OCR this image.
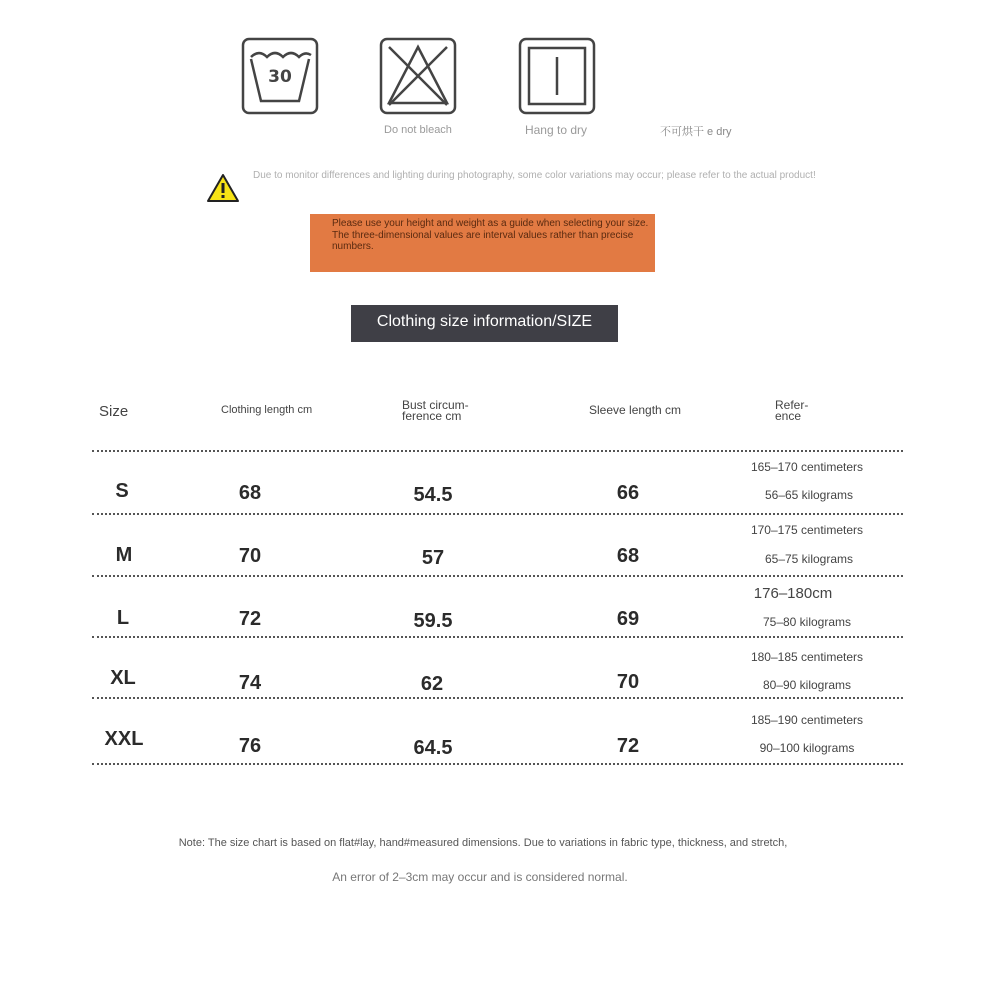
30
Do not bleach	Hang to dry	不可烘干 e dry
Due to monitor differences and lighting during photography, some color variations may occur; please refer to the actual product!

Please use your height and weight as a guide when selecting your size.

The three-dimensional values are interval values rather than precise numbers.

Clothing size information/SIZE
Size	Clothing length cm	Bust circum- ference cm	Sleeve length cm	Refer- ence
S	68	54.5	66
165–170 centimeters
56–65 kilograms
M	70	57	68
170–175 centimeters
65–75 kilograms
L	72	59.5	69
176–180cm
75–80 kilograms
XL	74	62	70
180–185 centimeters
80–90 kilograms
XXL	76	64.5	72
185–190 centimeters
90–100 kilograms
Note: The size chart is based on flat#lay, hand#measured dimensions. Due to variations in fabric type, thickness, and stretch,
An error of 2–3cm may occur and is considered normal.
